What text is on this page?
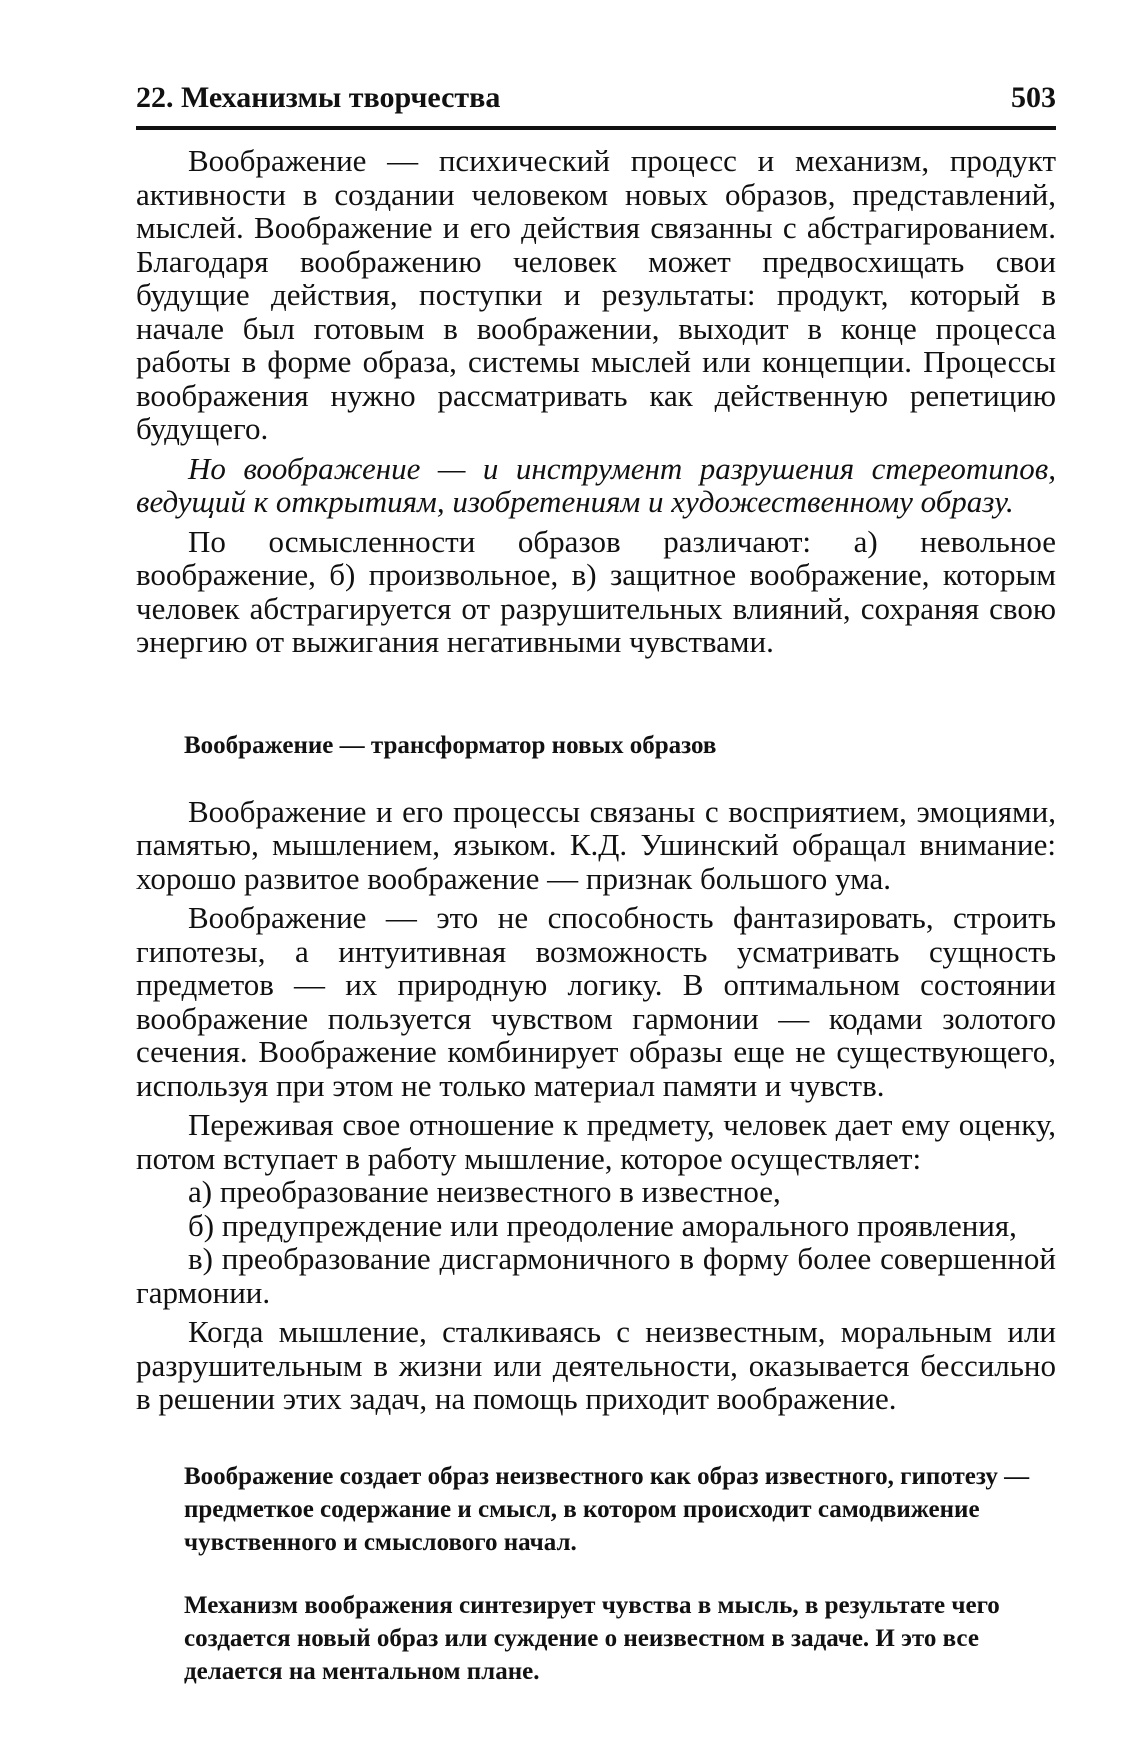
22. Механизмы творчества	503

Воображение — психический процесс и механизм, продукт активности в создании человеком новых образов, представлений, мыслей. Воображение и его действия связанны с абстрагированием. Благодаря воображению человек может предвосхищать свои будущие действия, поступки и результаты: продукт, который в начале был готовым в воображении, выходит в конце процесса работы в форме образа, системы мыслей или концепции. Процессы воображения нужно рассматривать как действенную репетицию будущего.

Но воображение — и инструмент разрушения стереотипов, ведущий к открытиям, изобретениям и художественному образу.

По осмысленности образов различают: а) невольное воображение, б) произвольное, в) защитное воображение, которым человек абстрагируется от разрушительных влияний, сохраняя свою энергию от выжигания негативными чувствами.

Воображение — трансформатор новых образов

Воображение и его процессы связаны с восприятием, эмоциями, памятью, мышлением, языком. К.Д. Ушинский обращал внимание: хорошо развитое воображение — признак большого ума.

Воображение — это не способность фантазировать, строить гипотезы, а интуитивная возможность усматривать сущность предметов — их природную логику. В оптимальном состоянии воображение пользуется чувством гармонии — кодами золотого сечения. Воображение комбинирует образы еще не существующего, используя при этом не только материал памяти и чувств.

Переживая свое отношение к предмету, человек дает ему оценку, потом вступает в работу мышление, которое осуществляет:

а) преобразование неизвестного в известное,

б) предупреждение или преодоление аморального проявления,

в) преобразование дисгармоничного в форму более совершенной гармонии.

Когда мышление, сталкиваясь с неизвестным, моральным или разрушительным в жизни или деятельности, оказывается бессильно в решении этих задач, на помощь приходит воображение.

Воображение создает образ неизвестного как образ известного, гипотезу — предметкое содержание и смысл, в котором происходит самодвижение чувственного и смыслового начал.
Механизм воображения синтезирует чувства в мысль, в результате чего создается новый образ или суждение о неизвестном в задаче. И это все делается на ментальном плане.
